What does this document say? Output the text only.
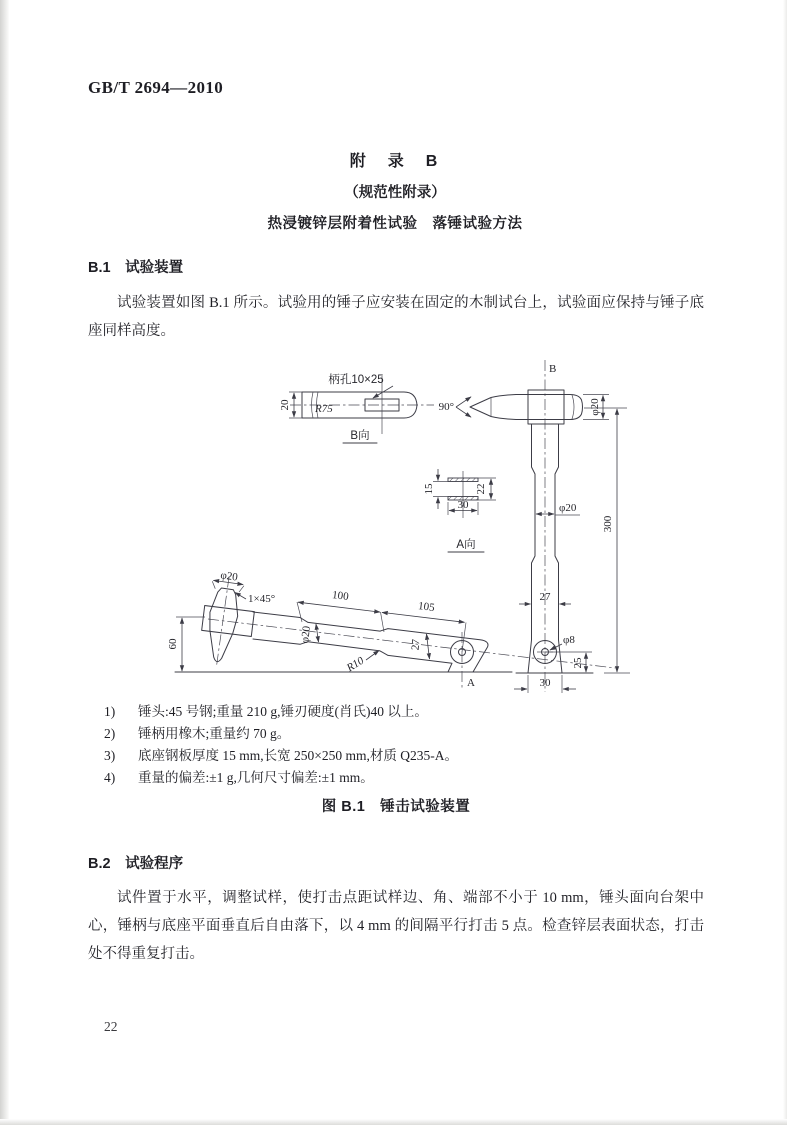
GB/T 2694—2010
附　录　B
（规范性附录）
热浸镀锌层附着性试验　落锤试验方法
B.1　试验装置
试验装置如图 B.1 所示。试验用的锤子应安装在固定的木制试台上，试验面应保持与锤子底座同样高度。
柄孔10×25
20 R75
B向
B
90°	φ20
300
φ20
27
φ8
25
30
15	22
30
A向
φ20
1×45°
A
60
100
105
φ20
27
R10
1)	锤头:45 号钢;重量 210 g,锤刃硬度(肖氏)40 以上。
2)	锤柄用橡木;重量约 70 g。
3)	底座钢板厚度 15 mm,长宽 250×250 mm,材质 Q235-A。
4)	重量的偏差:±1 g,几何尺寸偏差:±1 mm。
图 B.1　锤击试验装置
B.2　试验程序
试件置于水平，调整试样，使打击点距试样边、角、端部不小于 10 mm，锤头面向台架中心，锤柄与底座平面垂直后自由落下，以 4 mm 的间隔平行打击 5 点。检查锌层表面状态，打击处不得重复打击。
22
